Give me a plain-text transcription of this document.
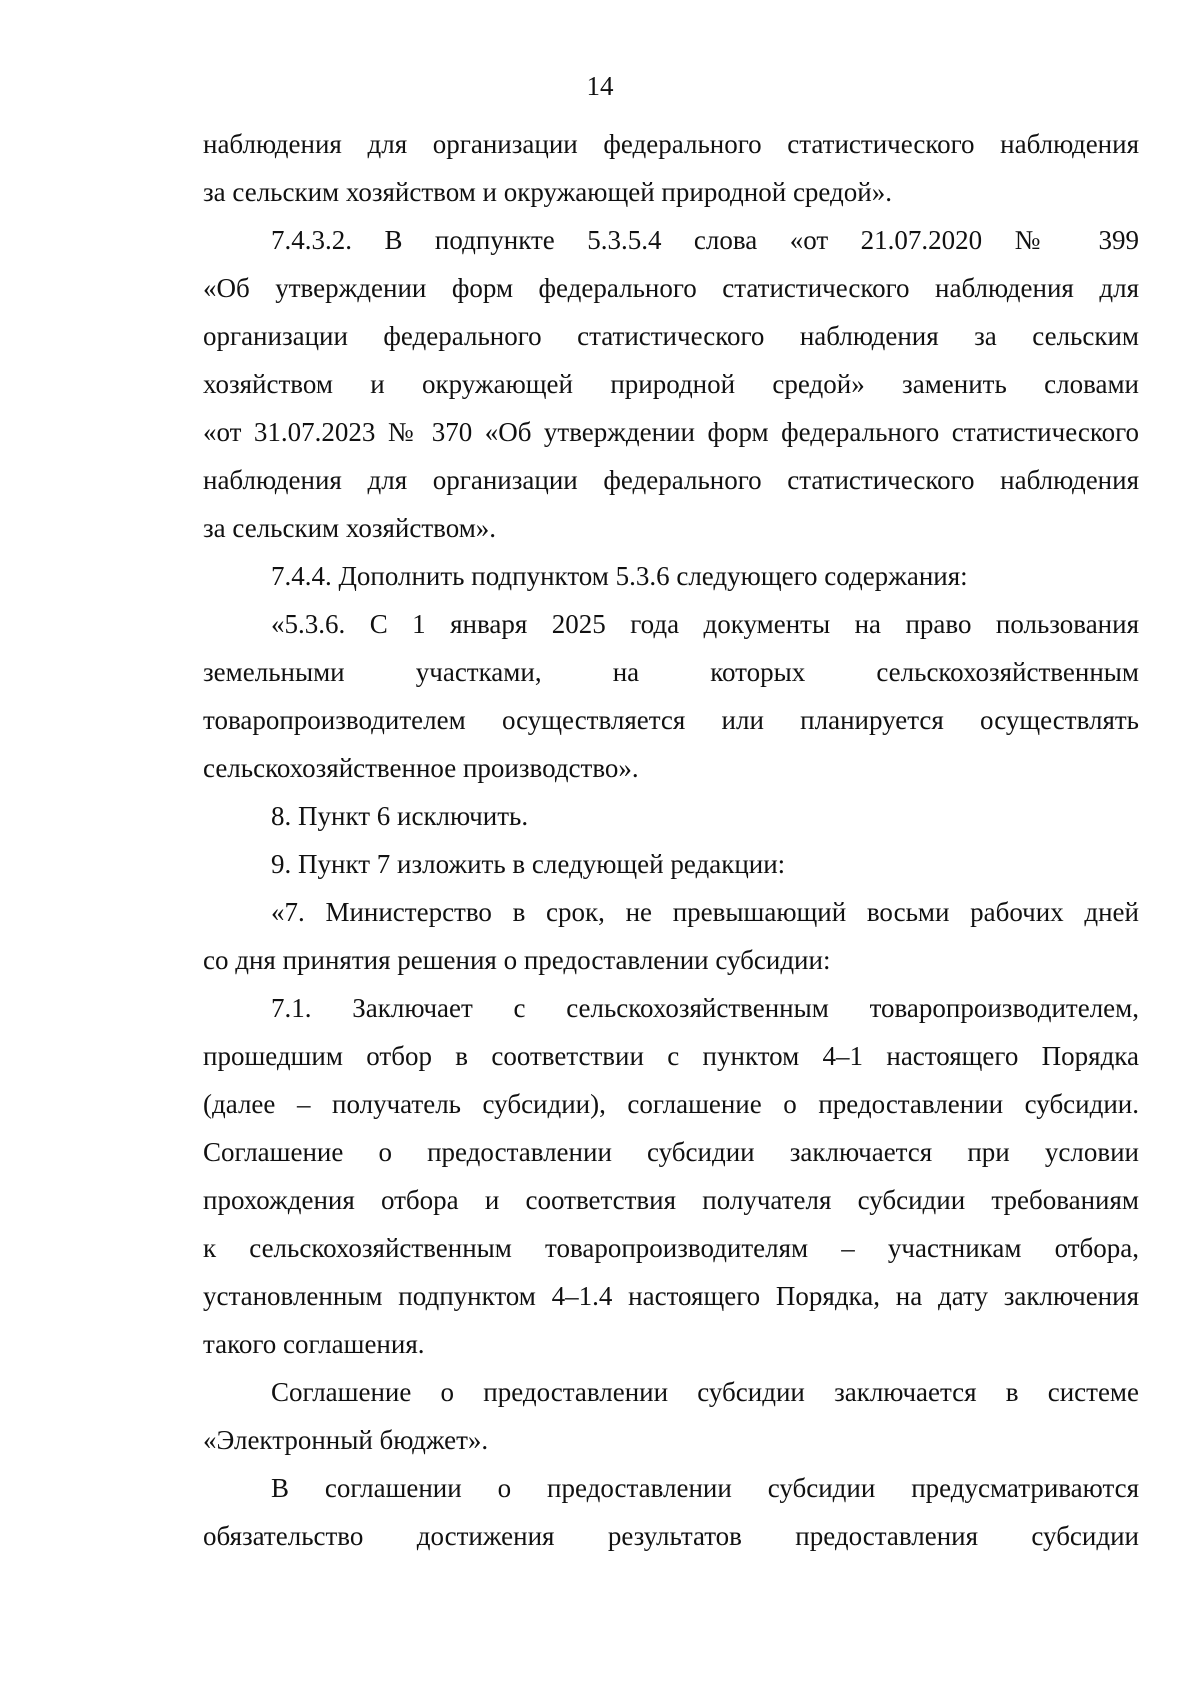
14
наблюдения для организации федерального статистического наблюдения
за сельским хозяйством и окружающей природной средой».
7.4.3.2. В подпункте 5.3.5.4 слова «от 21.07.2020 № 399
«Об утверждении форм федерального статистического наблюдения для
организации федерального статистического наблюдения за сельским
хозяйством и окружающей природной средой» заменить словами
«от 31.07.2023 № 370 «Об утверждении форм федерального статистического
наблюдения для организации федерального статистического наблюдения
за сельским хозяйством».
7.4.4. Дополнить подпунктом 5.3.6 следующего содержания:
«5.3.6. С 1 января 2025 года документы на право пользования
земельными участками, на которых сельскохозяйственным
товаропроизводителем осуществляется или планируется осуществлять
сельскохозяйственное производство».
8. Пункт 6 исключить.
9. Пункт 7 изложить в следующей редакции:
«7. Министерство в срок, не превышающий восьми рабочих дней
со дня принятия решения о предоставлении субсидии:
7.1. Заключает с сельскохозяйственным товаропроизводителем,
прошедшим отбор в соответствии с пунктом 4–1 настоящего Порядка
(далее – получатель субсидии), соглашение о предоставлении субсидии.
Соглашение о предоставлении субсидии заключается при условии
прохождения отбора и соответствия получателя субсидии требованиям
к сельскохозяйственным товаропроизводителям – участникам отбора,
установленным подпунктом 4–1.4 настоящего Порядка, на дату заключения
такого соглашения.
Соглашение о предоставлении субсидии заключается в системе
«Электронный бюджет».
В соглашении о предоставлении субсидии предусматриваются
обязательство достижения результатов предоставления субсидии
